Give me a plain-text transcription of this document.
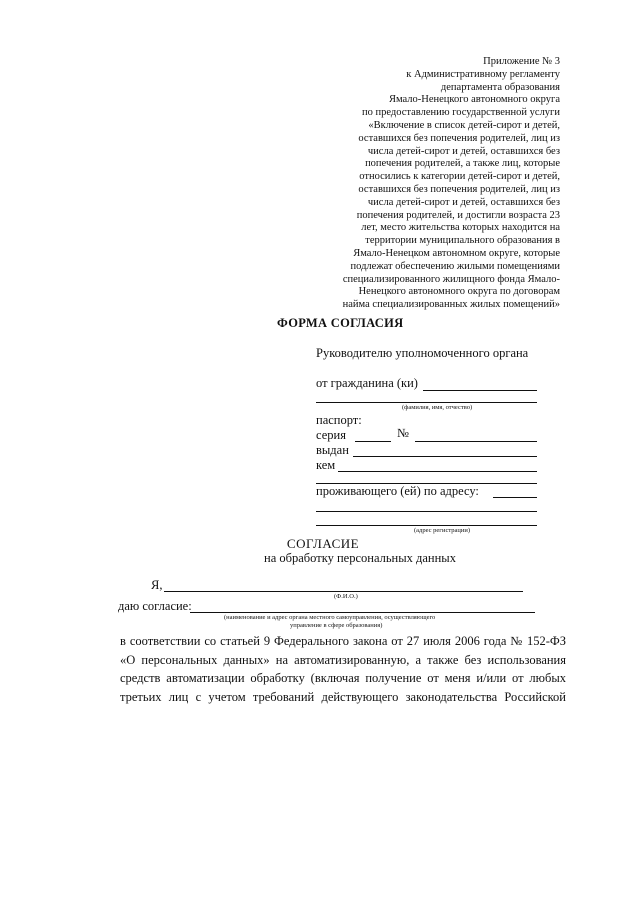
Приложение № 3
к Административному регламенту
департамента образования
Ямало-Ненецкого автономного округа
по предоставлению государственной услуги
«Включение в список детей-сирот и детей,
оставшихся без попечения родителей, лиц из
числа детей-сирот и детей, оставшихся без
попечения родителей, а также лиц, которые
относились к категории детей-сирот и детей,
оставшихся без попечения родителей, лиц из
числа детей-сирот и детей, оставшихся без
попечения родителей, и достигли возраста 23
лет, место жительства которых находится на
территории муниципального образования в
Ямало-Ненецком автономном округе, которые
подлежат обеспечению жилыми помещениями
специализированного жилищного фонда Ямало-
Ненецкого автономного округа по договорам
найма специализированных жилых помещений»
ФОРМА СОГЛАСИЯ
Руководителю уполномоченного органа
от гражданина (ки)
(фамилия, имя, отчество)
паспорт:
серия	№
выдан
кем
проживающего (ей) по адресу:
(адрес регистрации)
СОГЛАСИЕ
на обработку персональных данных
Я,
(Ф.И.О.)
даю согласие:
(наименование и адрес органа местного самоуправления, осуществляющего
управление в сфере образования)
в соответствии со статьей 9 Федерального закона от 27 июля 2006 года № 152-ФЗ
«О персональных данных» на автоматизированную, а также без использования
средств автоматизации обработку (включая получение от меня и/или от любых
третьих лиц с учетом требований действующего законодательства Российской
